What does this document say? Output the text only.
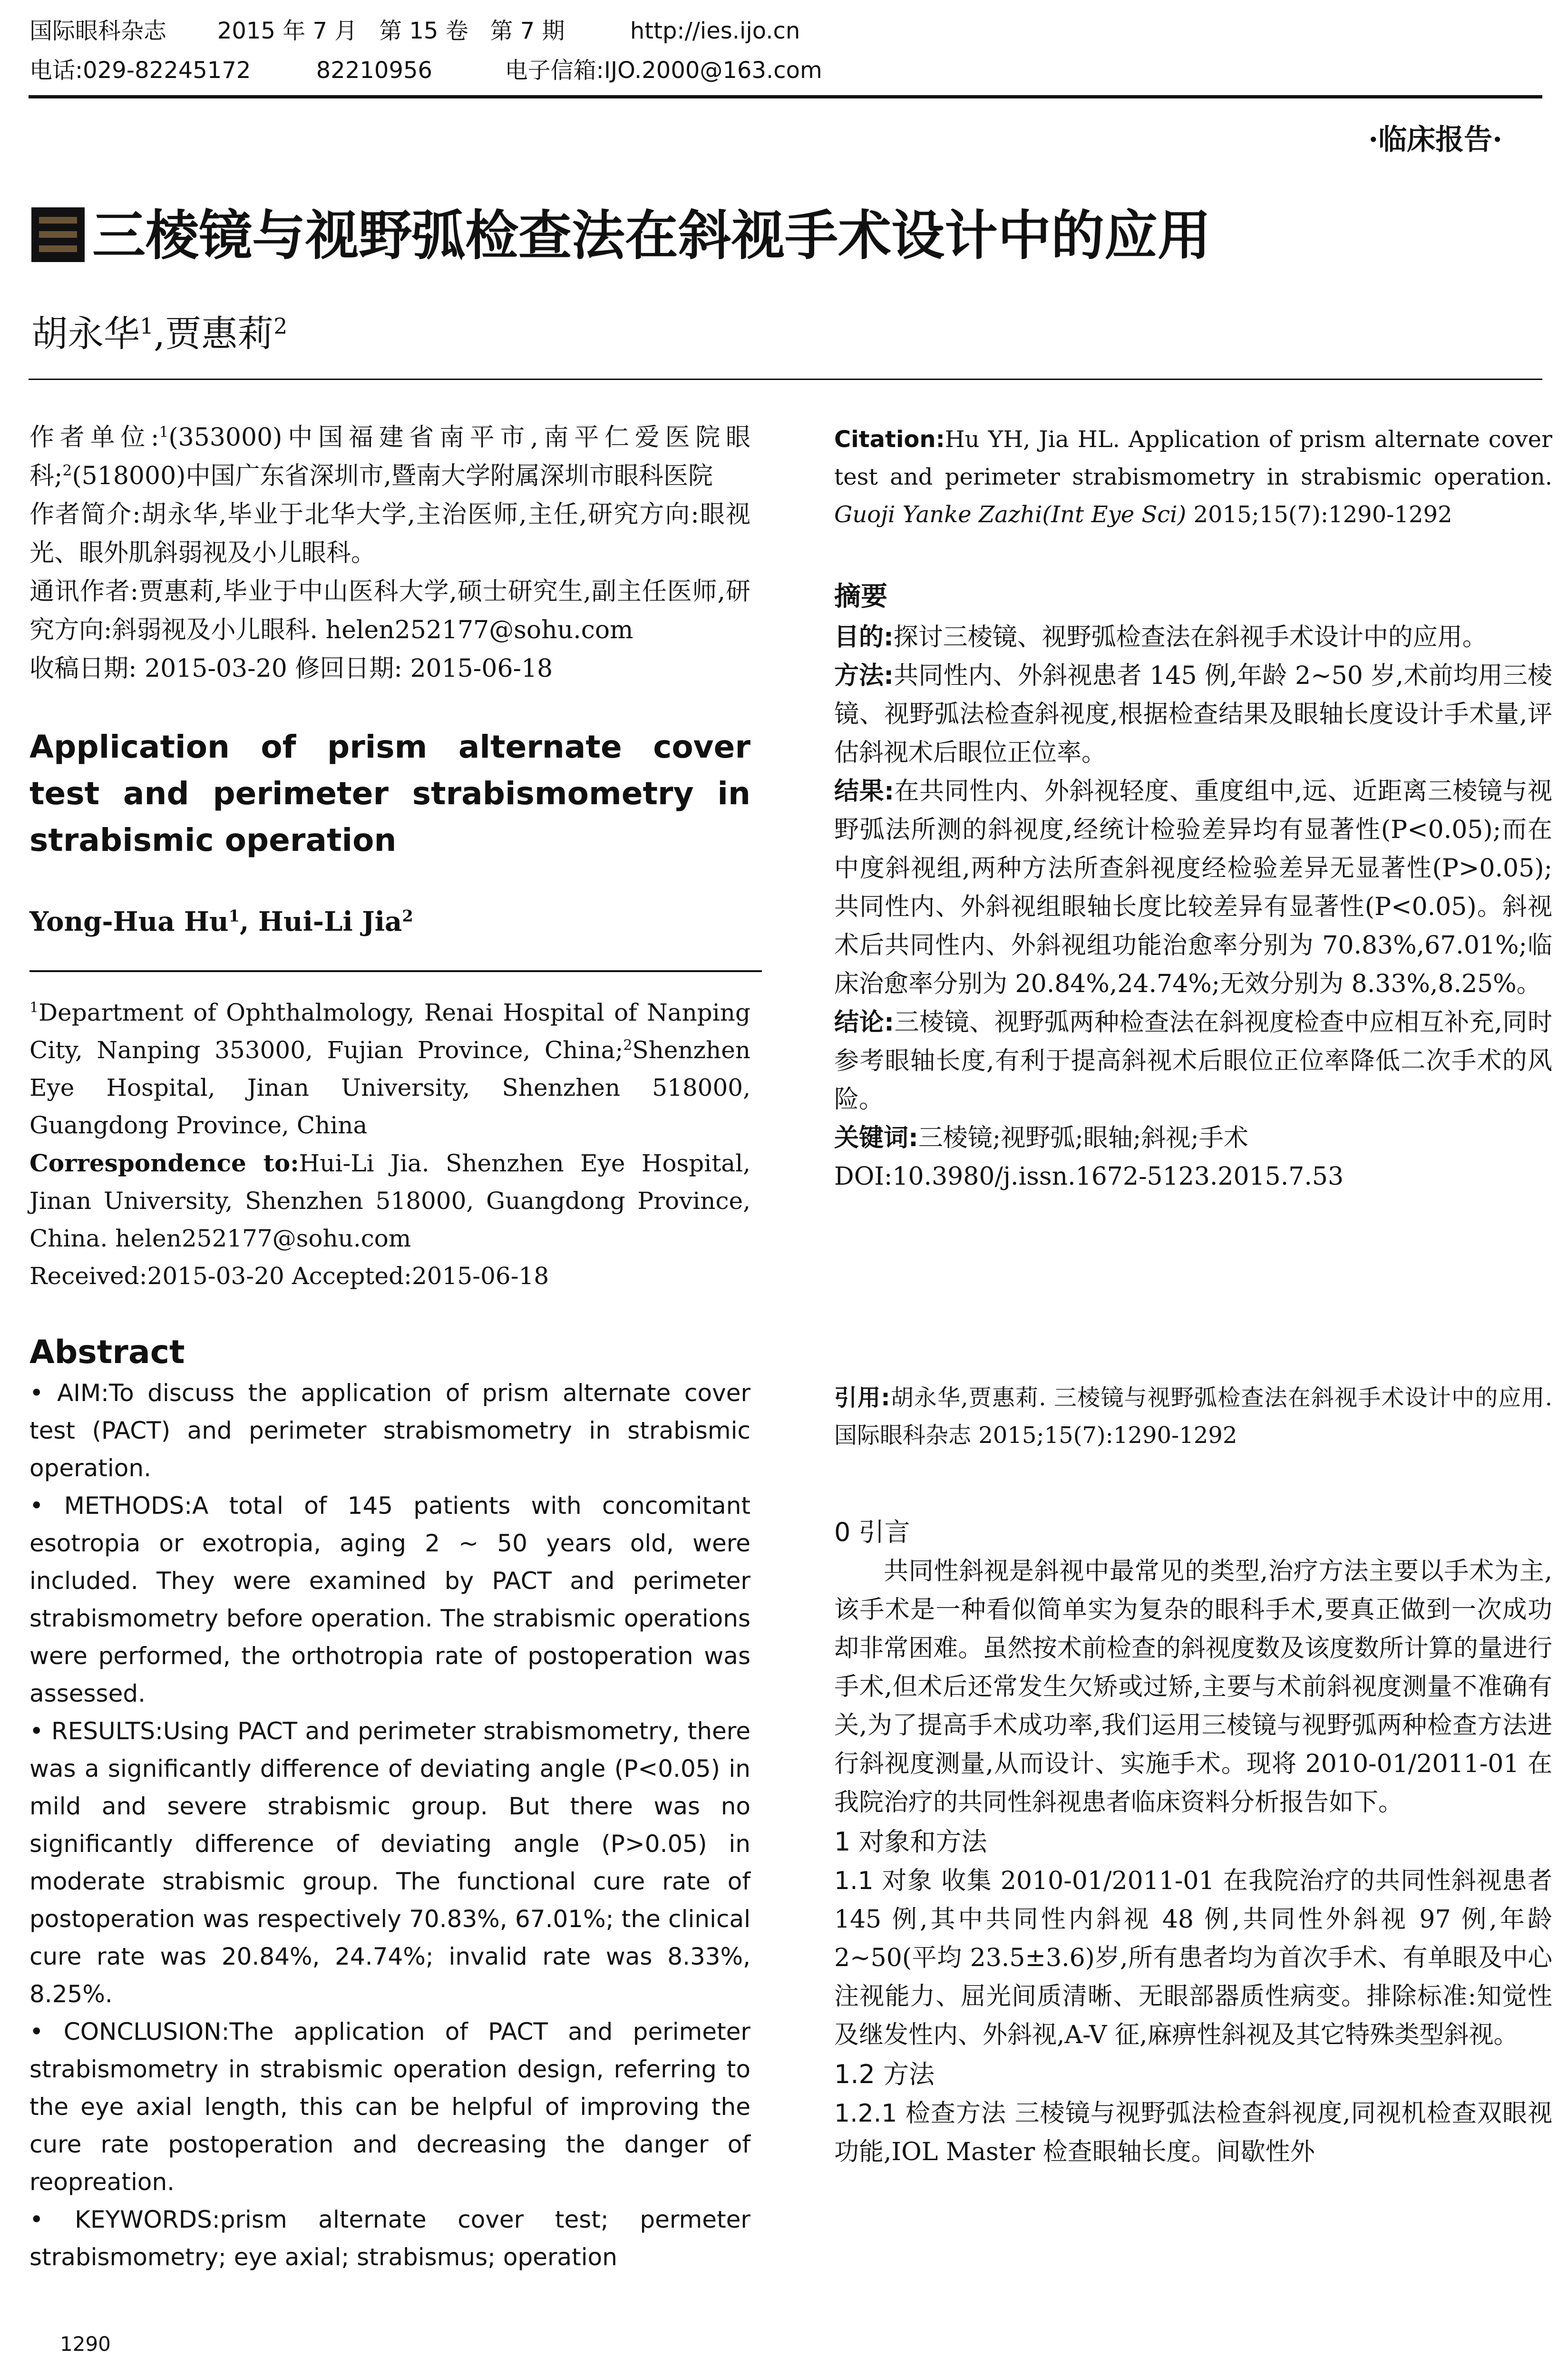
国际眼科杂志 2015 年 7 月 第 15 卷 第 7 期	http://ies.ijo.cn
电话:029-82245172	82210956	电子信箱:IJO.2000@163.com
·临床报告·
三棱镜与视野弧检查法在斜视手术设计中的应用
胡永华$^1$,贾惠莉$^2$

作者单位:$^1$(353000)中国福建省南平市,南平仁爱医院眼科;$^2$(518000)中国广东省深圳市,暨南大学附属深圳市眼科医院

作者简介:胡永华,毕业于北华大学,主治医师,主任,研究方向:眼视光、眼外肌斜弱视及小儿眼科。

通讯作者:贾惠莉,毕业于中山医科大学,硕士研究生,副主任医师,研究方向:斜弱视及小儿眼科. helen252177@sohu.com

收稿日期: 2015-03-20 修回日期: 2015-06-18

Application of prism alternate cover test and perimeter strabismometry in strabismic operation
Yong-Hua Hu$^1$, Hui-Li Jia$^2$

$^1$Department of Ophthalmology, Renai Hospital of Nanping City, Nanping 353000, Fujian Province, China;$^2$Shenzhen Eye Hospital, Jinan University, Shenzhen 518000, Guangdong Province, China

Correspondence to:Hui-Li Jia. Shenzhen Eye Hospital, Jinan University, Shenzhen 518000, Guangdong Province, China. helen252177@sohu.com

Received:2015-03-20 Accepted:2015-06-18

Abstract

• AIM:To discuss the application of prism alternate cover test (PACT) and perimeter strabismometry in strabismic operation.

• METHODS:A total of 145 patients with concomitant esotropia or exotropia, aging 2 ~ 50 years old, were included. They were examined by PACT and perimeter strabismometry before operation. The strabismic operations were performed, the orthotropia rate of postoperation was assessed.

• RESULTS:Using PACT and perimeter strabismometry, there was a significantly difference of deviating angle (P<0.05) in mild and severe strabismic group. But there was no significantly difference of deviating angle (P>0.05) in moderate strabismic group. The functional cure rate of postoperation was respectively 70.83%, 67.01%; the clinical cure rate was 20.84%, 24.74%; invalid rate was 8.33%, 8.25%.

• CONCLUSION:The application of PACT and perimeter strabismometry in strabismic operation design, referring to the eye axial length, this can be helpful of improving the cure rate postoperation and decreasing the danger of reopreation.

• KEYWORDS:prism alternate cover test; permeter strabismometry; eye axial; strabismus; operation

1290

Citation:Hu YH, Jia HL. Application of prism alternate cover test and perimeter strabismometry in strabismic operation. Guoji Yanke Zazhi(Int Eye Sci) 2015;15(7):1290-1292

摘要

目的:探讨三棱镜、视野弧检查法在斜视手术设计中的应用。

方法:共同性内、外斜视患者 145 例,年龄 2~50 岁,术前均用三棱镜、视野弧法检查斜视度,根据检查结果及眼轴长度设计手术量,评估斜视术后眼位正位率。

结果:在共同性内、外斜视轻度、重度组中,远、近距离三棱镜与视野弧法所测的斜视度,经统计检验差异均有显著性(P<0.05);而在中度斜视组,两种方法所查斜视度经检验差异无显著性(P>0.05);共同性内、外斜视组眼轴长度比较差异有显著性(P<0.05)。斜视术后共同性内、外斜视组功能治愈率分别为 70.83%,67.01%;临床治愈率分别为 20.84%,24.74%;无效分别为 8.33%,8.25%。

结论:三棱镜、视野弧两种检查法在斜视度检查中应相互补充,同时参考眼轴长度,有利于提高斜视术后眼位正位率降低二次手术的风险。

关键词:三棱镜;视野弧;眼轴;斜视;手术

DOI:10.3980/j.issn.1672-5123.2015.7.53

引用:胡永华,贾惠莉. 三棱镜与视野弧检查法在斜视手术设计中的应用. 国际眼科杂志 2015;15(7):1290-1292

0 引言

共同性斜视是斜视中最常见的类型,治疗方法主要以手术为主,该手术是一种看似简单实为复杂的眼科手术,要真正做到一次成功却非常困难。虽然按术前检查的斜视度数及该度数所计算的量进行手术,但术后还常发生欠矫或过矫,主要与术前斜视度测量不准确有关,为了提高手术成功率,我们运用三棱镜与视野弧两种检查方法进行斜视度测量,从而设计、实施手术。现将 2010-01/2011-01 在我院治疗的共同性斜视患者临床资料分析报告如下。

1 对象和方法

1.1 对象 收集 2010-01/2011-01 在我院治疗的共同性斜视患者 145 例,其中共同性内斜视 48 例,共同性外斜视 97 例,年龄 2~50(平均 23.5±3.6)岁,所有患者均为首次手术、有单眼及中心注视能力、屈光间质清晰、无眼部器质性病变。排除标准:知觉性及继发性内、外斜视,A-V 征,麻痹性斜视及其它特殊类型斜视。

1.2 方法

1.2.1 检查方法 三棱镜与视野弧法检查斜视度,同视机检查双眼视功能,IOL Master 检查眼轴长度。间歇性外
